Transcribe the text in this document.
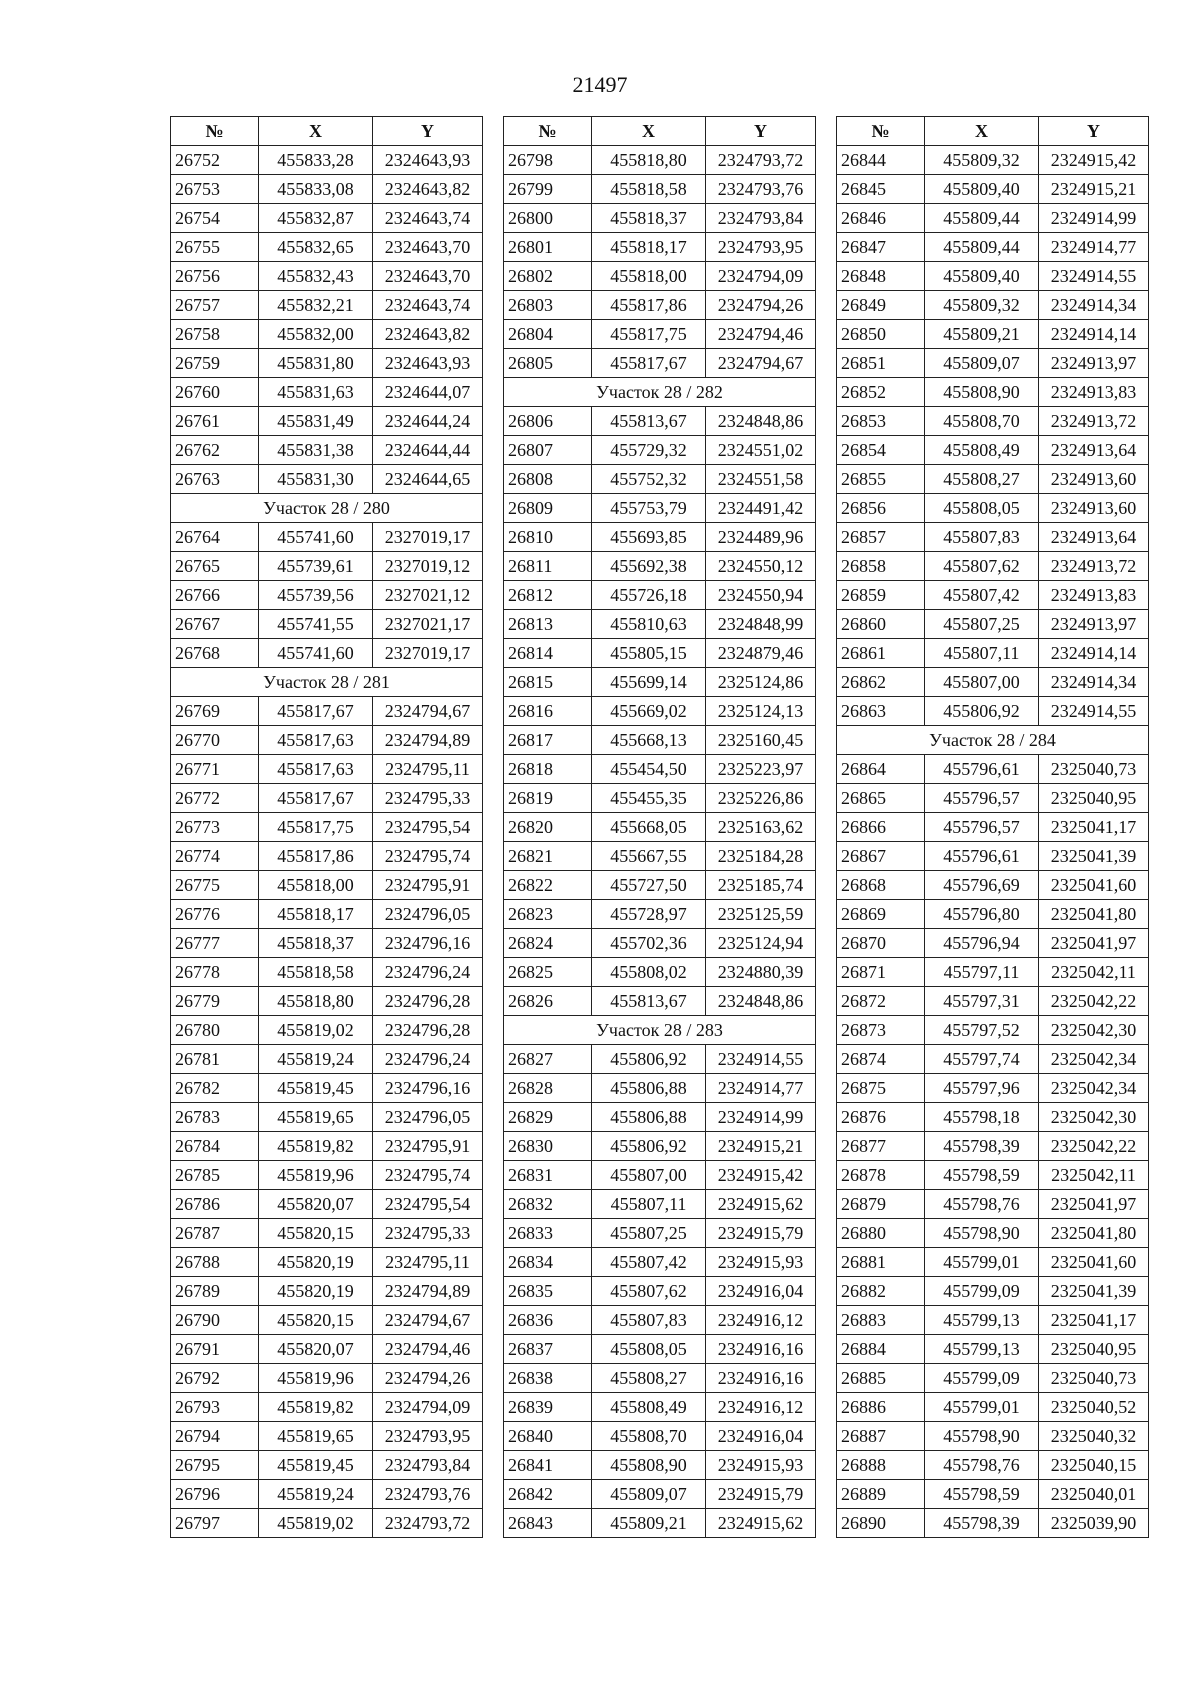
21497
№	X	Y
26752	455833,28	2324643,93
26753	455833,08	2324643,82
26754	455832,87	2324643,74
26755	455832,65	2324643,70
26756	455832,43	2324643,70
26757	455832,21	2324643,74
26758	455832,00	2324643,82
26759	455831,80	2324643,93
26760	455831,63	2324644,07
26761	455831,49	2324644,24
26762	455831,38	2324644,44
26763	455831,30	2324644,65
Участок 28 / 280		
26764	455741,60	2327019,17
26765	455739,61	2327019,12
26766	455739,56	2327021,12
26767	455741,55	2327021,17
26768	455741,60	2327019,17
Участок 28 / 281		
26769	455817,67	2324794,67
26770	455817,63	2324794,89
26771	455817,63	2324795,11
26772	455817,67	2324795,33
26773	455817,75	2324795,54
26774	455817,86	2324795,74
26775	455818,00	2324795,91
26776	455818,17	2324796,05
26777	455818,37	2324796,16
26778	455818,58	2324796,24
26779	455818,80	2324796,28
26780	455819,02	2324796,28
26781	455819,24	2324796,24
26782	455819,45	2324796,16
26783	455819,65	2324796,05
26784	455819,82	2324795,91
26785	455819,96	2324795,74
26786	455820,07	2324795,54
26787	455820,15	2324795,33
26788	455820,19	2324795,11
26789	455820,19	2324794,89
26790	455820,15	2324794,67
26791	455820,07	2324794,46
26792	455819,96	2324794,26
26793	455819,82	2324794,09
26794	455819,65	2324793,95
26795	455819,45	2324793,84
26796	455819,24	2324793,76
26797	455819,02	2324793,72
№	X	Y
26798	455818,80	2324793,72
26799	455818,58	2324793,76
26800	455818,37	2324793,84
26801	455818,17	2324793,95
26802	455818,00	2324794,09
26803	455817,86	2324794,26
26804	455817,75	2324794,46
26805	455817,67	2324794,67
Участок 28 / 282		
26806	455813,67	2324848,86
26807	455729,32	2324551,02
26808	455752,32	2324551,58
26809	455753,79	2324491,42
26810	455693,85	2324489,96
26811	455692,38	2324550,12
26812	455726,18	2324550,94
26813	455810,63	2324848,99
26814	455805,15	2324879,46
26815	455699,14	2325124,86
26816	455669,02	2325124,13
26817	455668,13	2325160,45
26818	455454,50	2325223,97
26819	455455,35	2325226,86
26820	455668,05	2325163,62
26821	455667,55	2325184,28
26822	455727,50	2325185,74
26823	455728,97	2325125,59
26824	455702,36	2325124,94
26825	455808,02	2324880,39
26826	455813,67	2324848,86
Участок 28 / 283		
26827	455806,92	2324914,55
26828	455806,88	2324914,77
26829	455806,88	2324914,99
26830	455806,92	2324915,21
26831	455807,00	2324915,42
26832	455807,11	2324915,62
26833	455807,25	2324915,79
26834	455807,42	2324915,93
26835	455807,62	2324916,04
26836	455807,83	2324916,12
26837	455808,05	2324916,16
26838	455808,27	2324916,16
26839	455808,49	2324916,12
26840	455808,70	2324916,04
26841	455808,90	2324915,93
26842	455809,07	2324915,79
26843	455809,21	2324915,62
№	X	Y
26844	455809,32	2324915,42
26845	455809,40	2324915,21
26846	455809,44	2324914,99
26847	455809,44	2324914,77
26848	455809,40	2324914,55
26849	455809,32	2324914,34
26850	455809,21	2324914,14
26851	455809,07	2324913,97
26852	455808,90	2324913,83
26853	455808,70	2324913,72
26854	455808,49	2324913,64
26855	455808,27	2324913,60
26856	455808,05	2324913,60
26857	455807,83	2324913,64
26858	455807,62	2324913,72
26859	455807,42	2324913,83
26860	455807,25	2324913,97
26861	455807,11	2324914,14
26862	455807,00	2324914,34
26863	455806,92	2324914,55
Участок 28 / 284		
26864	455796,61	2325040,73
26865	455796,57	2325040,95
26866	455796,57	2325041,17
26867	455796,61	2325041,39
26868	455796,69	2325041,60
26869	455796,80	2325041,80
26870	455796,94	2325041,97
26871	455797,11	2325042,11
26872	455797,31	2325042,22
26873	455797,52	2325042,30
26874	455797,74	2325042,34
26875	455797,96	2325042,34
26876	455798,18	2325042,30
26877	455798,39	2325042,22
26878	455798,59	2325042,11
26879	455798,76	2325041,97
26880	455798,90	2325041,80
26881	455799,01	2325041,60
26882	455799,09	2325041,39
26883	455799,13	2325041,17
26884	455799,13	2325040,95
26885	455799,09	2325040,73
26886	455799,01	2325040,52
26887	455798,90	2325040,32
26888	455798,76	2325040,15
26889	455798,59	2325040,01
26890	455798,39	2325039,90
